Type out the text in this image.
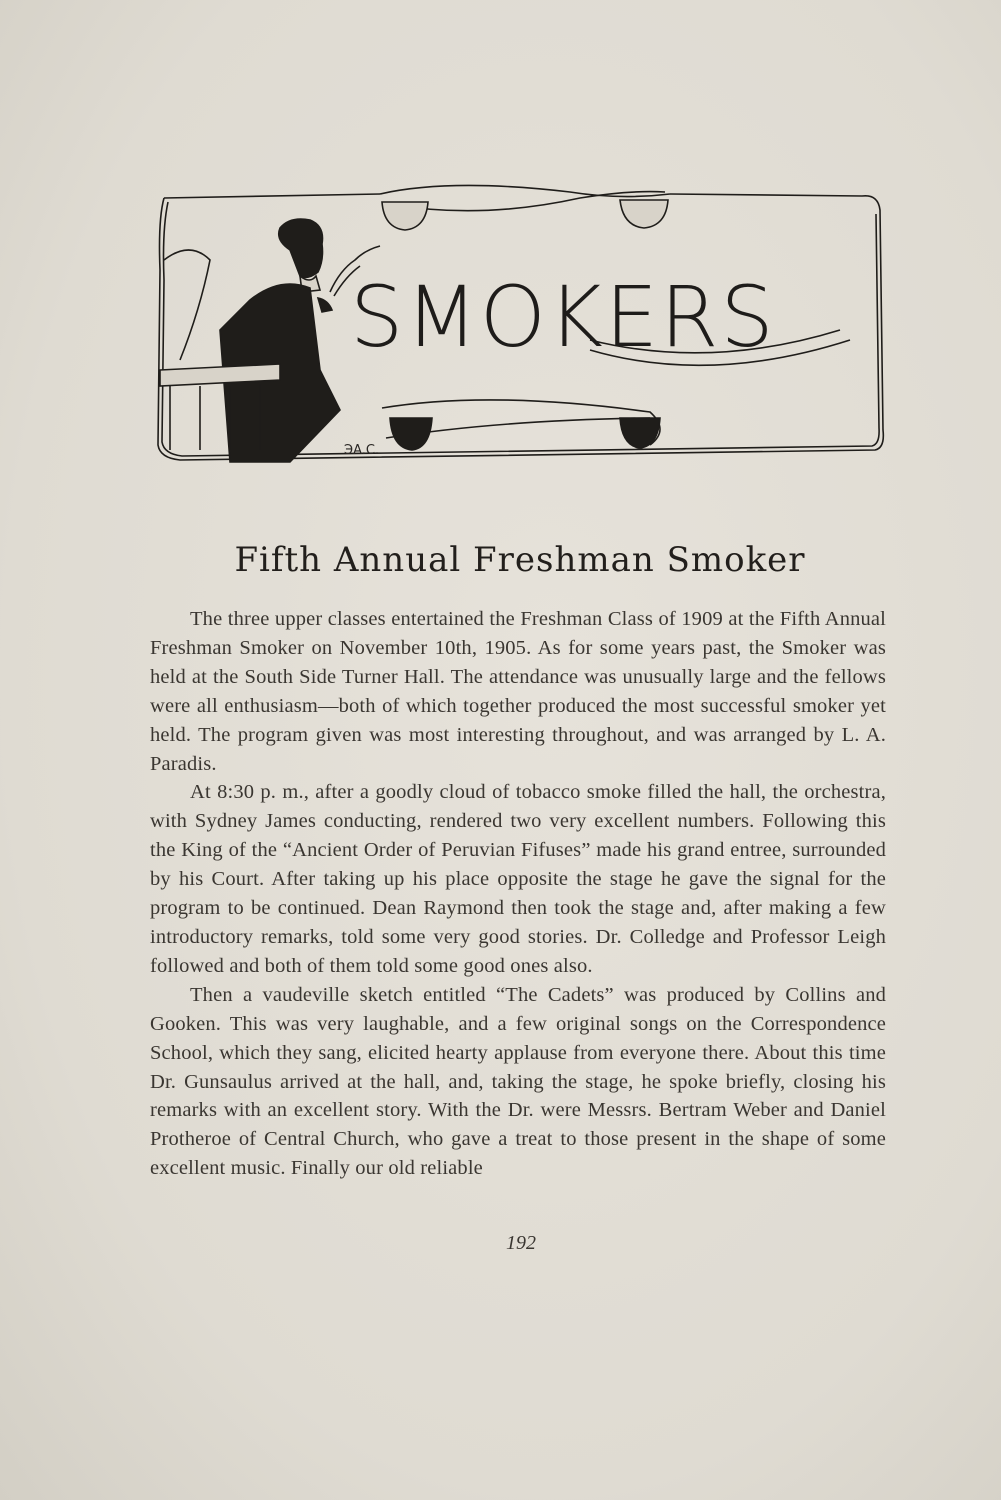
SMOKERS
ЭA.C.
Fifth Annual Freshman Smoker

The three upper classes entertained the Freshman Class of 1909 at the Fifth Annual Freshman Smoker on November 10th, 1905. As for some years past, the Smoker was held at the South Side Turner Hall. The attendance was unusually large and the fellows were all enthusiasm—both of which together produced the most successful smoker yet held. The program given was most interesting throughout, and was arranged by L. A. Paradis.

At 8:30 p. m., after a goodly cloud of tobacco smoke filled the hall, the orchestra, with Sydney James conducting, rendered two very excellent numbers. Following this the King of the “Ancient Order of Peruvian Fifuses” made his grand entree, surrounded by his Court. After taking up his place opposite the stage he gave the signal for the program to be continued. Dean Raymond then took the stage and, after making a few introductory remarks, told some very good stories. Dr. Colledge and Professor Leigh followed and both of them told some good ones also.

Then a vaudeville sketch entitled “The Cadets” was produced by Collins and Gooken. This was very laughable, and a few original songs on the Correspondence School, which they sang, elicited hearty applause from everyone there. About this time Dr. Gunsaulus arrived at the hall, and, taking the stage, he spoke briefly, closing his remarks with an excellent story. With the Dr. were Messrs. Bertram Weber and Daniel Protheroe of Central Church, who gave a treat to those present in the shape of some excellent music. Finally our old reliable

192
